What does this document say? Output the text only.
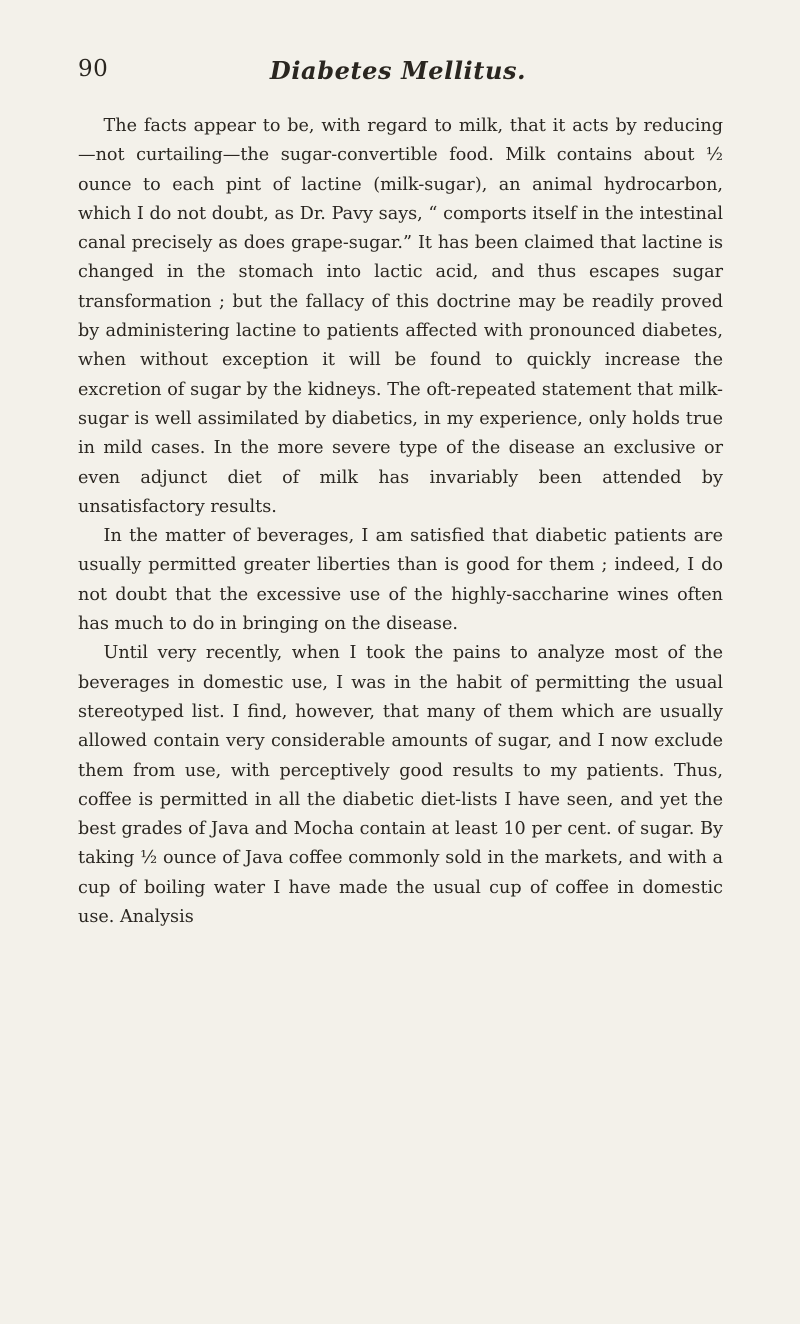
90	Diabetes Mellitus.

The facts appear to be, with regard to milk, that it acts by reducing—not curtailing—the sugar-convertible food. Milk contains about ½ ounce to each pint of lactine (milk-sugar), an animal hydrocarbon, which I do not doubt, as Dr. Pavy says, “ comports itself in the intestinal canal precisely as does grape-sugar.” It has been claimed that lactine is changed in the stomach into lactic acid, and thus escapes sugar transformation ; but the fallacy of this doctrine may be readily proved by administering lactine to patients affected with pronounced diabetes, when without exception it will be found to quickly increase the excretion of sugar by the kidneys. The oft-repeated statement that milk-sugar is well assimilated by diabetics, in my experience, only holds true in mild cases. In the more severe type of the disease an exclusive or even adjunct diet of milk has invariably been attended by unsatisfactory results.

In the matter of beverages, I am satisfied that diabetic patients are usually permitted greater liberties than is good for them ; indeed, I do not doubt that the excessive use of the highly-saccharine wines often has much to do in bringing on the disease.

Until very recently, when I took the pains to analyze most of the beverages in domestic use, I was in the habit of permitting the usual stereotyped list. I find, however, that many of them which are usually allowed contain very considerable amounts of sugar, and I now exclude them from use, with perceptively good results to my patients. Thus, coffee is permitted in all the diabetic diet-lists I have seen, and yet the best grades of Java and Mocha contain at least 10 per cent. of sugar. By taking ½ ounce of Java coffee commonly sold in the markets, and with a cup of boiling water I have made the usual cup of coffee in domestic use. Analysis
